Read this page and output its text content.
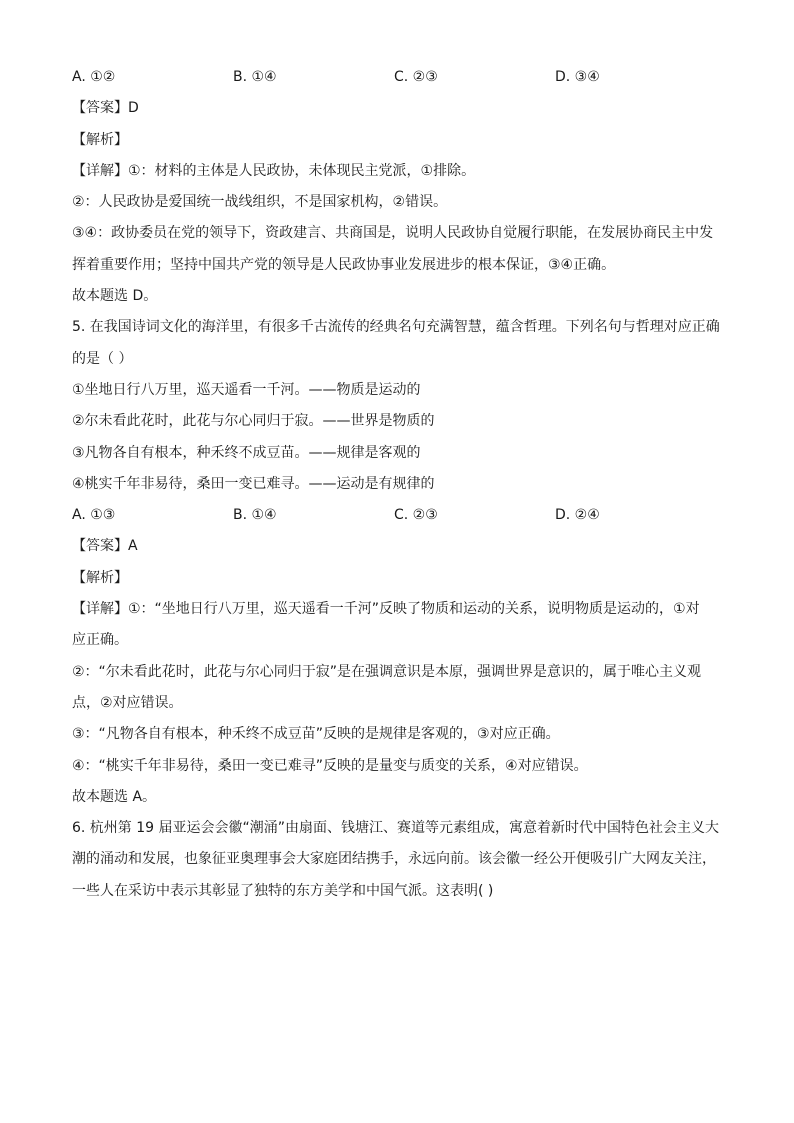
A. ①②	B. ①④	C. ②③	D. ③④
【答案】D
【解析】
【详解】①：材料的主体是人民政协，未体现民主党派，①排除。
②：人民政协是爱国统一战线组织，不是国家机构，②错误。
③④：政协委员在党的领导下，资政建言、共商国是，说明人民政协自觉履行职能，在发展协商民主中发
挥着重要作用；坚持中国共产党的领导是人民政协事业发展进步的根本保证，③④正确。
故本题选 D。
5. 在我国诗词文化的海洋里，有很多千古流传的经典名句充满智慧，蕴含哲理。下列名句与哲理对应正确
的是（ ）
①坐地日行八万里，巡天遥看一千河。——物质是运动的
②尔未看此花时，此花与尔心同归于寂。——世界是物质的
③凡物各自有根本，种禾终不成豆苗。——规律是客观的
④桃实千年非易待，桑田一变已难寻。——运动是有规律的
A. ①③	B. ①④	C. ②③	D. ②④
【答案】A
【解析】
【详解】①：“坐地日行八万里，巡天遥看一千河”反映了物质和运动的关系，说明物质是运动的，①对
应正确。
②：“尔未看此花时，此花与尔心同归于寂”是在强调意识是本原，强调世界是意识的，属于唯心主义观
点，②对应错误。
③：“凡物各自有根本，种禾终不成豆苗”反映的是规律是客观的，③对应正确。
④：“桃实千年非易待，桑田一变已难寻”反映的是量变与质变的关系，④对应错误。
故本题选 A。
6. 杭州第 19 届亚运会会徽“潮涌”由扇面、钱塘江、赛道等元素组成，寓意着新时代中国特色社会主义大
潮的涌动和发展，也象征亚奥理事会大家庭团结携手，永远向前。该会徽一经公开便吸引广大网友关注，
一些人在采访中表示其彰显了独特的东方美学和中国气派。这表明( )
